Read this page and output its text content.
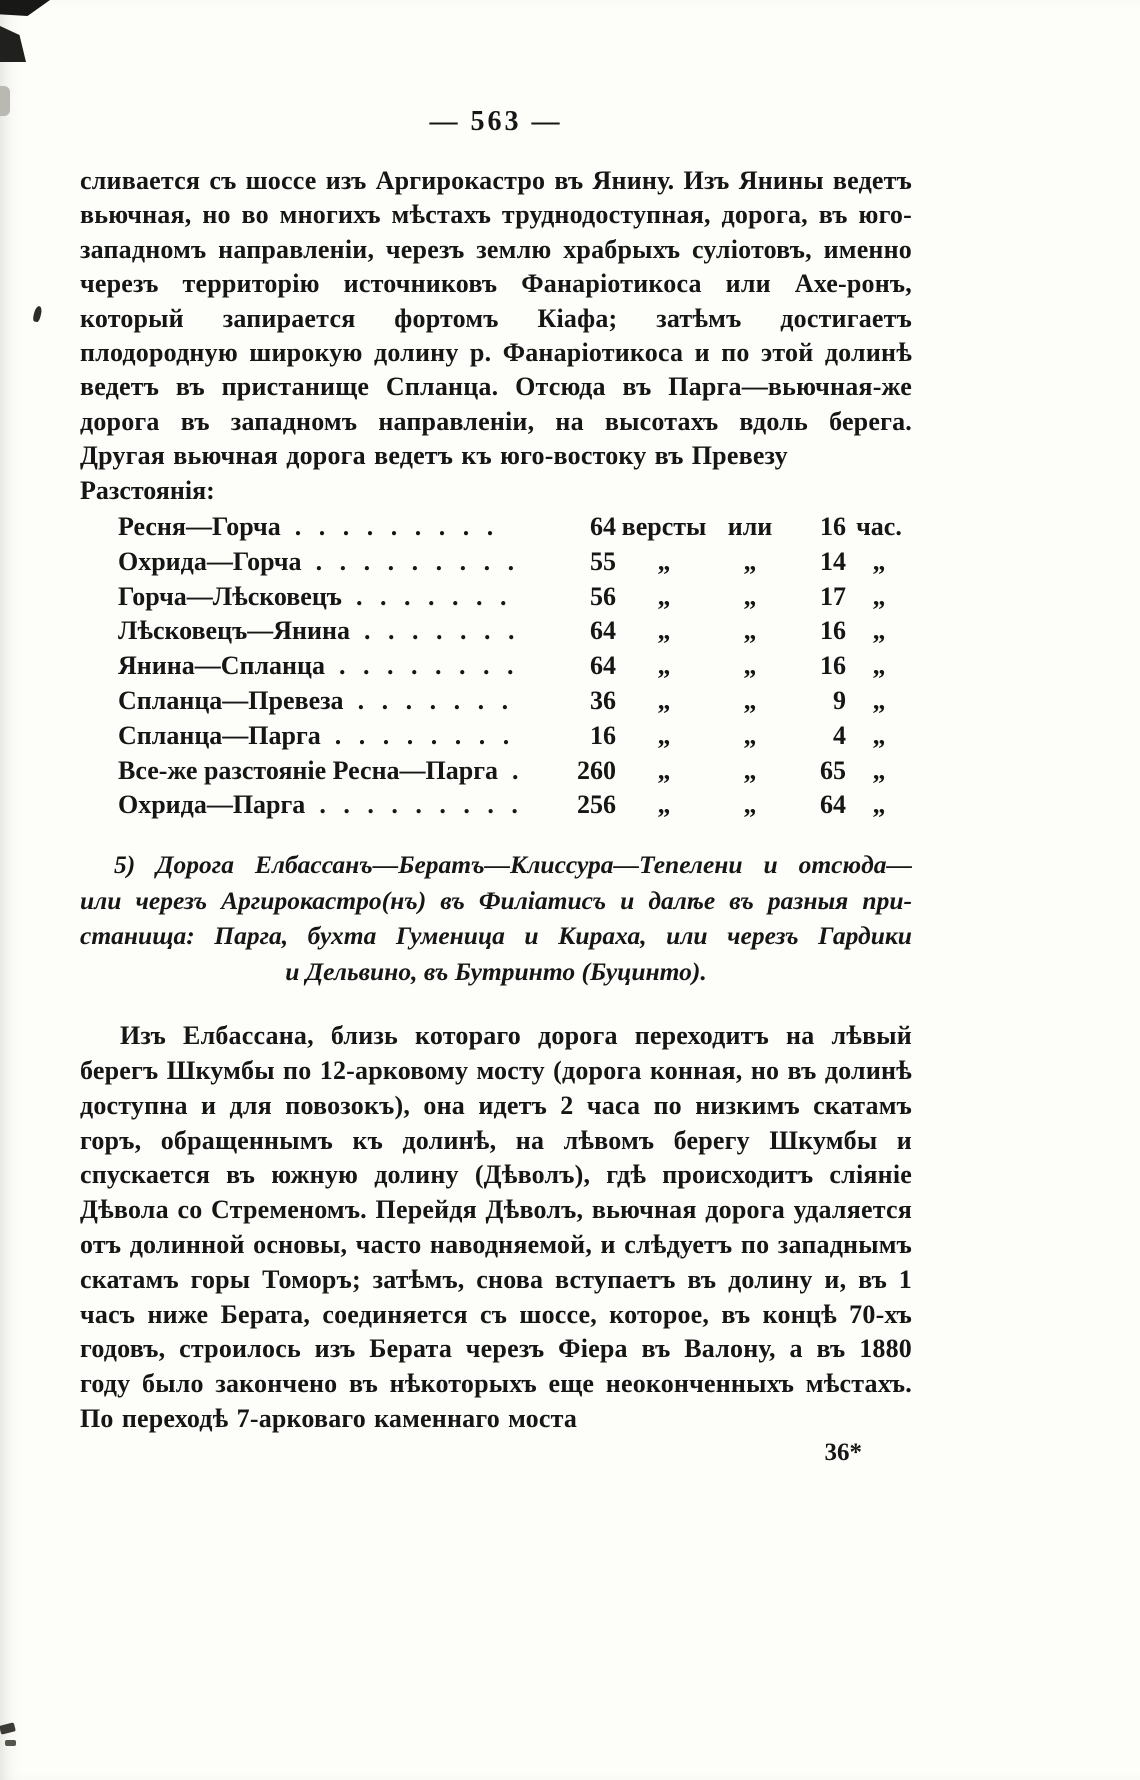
— 563 —

сливается съ шоссе изъ Аргирокастро въ Янину. Изъ Янины ведетъ вьючная, но во многихъ мѣстахъ труднодоступная, дорога, въ юго-западномъ направленіи, черезъ землю храбрыхъ суліотовъ, именно черезъ территорію источниковъ Фанаріотикоса или Ахе-ронъ, который запирается фортомъ Кіафа; затѣмъ достигаетъ плодородную широкую долину р. Фанаріотикоса и по этой долинѣ ведетъ въ пристанище Спланца. Отсюда въ Парга—вьючная-же дорога въ западномъ направленіи, на высотахъ вдоль берега. Другая вьючная дорога ведетъ къ юго-востоку въ Превезу

Разстоянія:
Ресня—Горча . . . . . . . . .	64 версты или	16 час.
Охрида—Горча . . . . . . . . .	55	„	„	14	„
Горча—Лѣсковецъ . . . . . . .	56	„	„	17	„
Лѣсковецъ—Янина . . . . . . .	64	„	„	16	„
Янина—Спланца . . . . . . . .	64	„	„	16	„
Спланца—Превеза . . . . . . .	36	„	„	9	„
Спланца—Парга . . . . . . . .	16	„	„	4	„
Все-же разстояніе Ресна—Парга .	260	„	„	65	„
Охрида—Парга . . . . . . . . .	256	„	„	64	„
5) Дорога Елбассанъ—Бератъ—Клиссура—Тепелени и отсюда—
или черезъ Аргирокастро(нъ) въ Филіатисъ и далѣе въ разныя при-
станища: Парга, бухта Гуменица и Кираха, или черезъ Гардики
и Дельвино, въ Бутринто (Буцинто).

Изъ Елбассана, близь котораго дорога переходитъ на лѣвый берегъ Шкумбы по 12-арковому мосту (дорога конная, но въ долинѣ доступна и для повозокъ), она идетъ 2 часа по низкимъ скатамъ горъ, обращеннымъ къ долинѣ, на лѣвомъ берегу Шкумбы и спускается въ южную долину (Дѣволъ), гдѣ происходитъ сліяніе Дѣвола со Стременомъ. Перейдя Дѣволъ, вьючная дорога удаляется отъ долинной основы, часто наводняемой, и слѣдуетъ по западнымъ скатамъ горы Томоръ; затѣмъ, снова вступаетъ въ долину и, въ 1 часъ ниже Берата, соединяется съ шоссе, которое, въ концѣ 70-хъ годовъ, строилось изъ Берата черезъ Фіера въ Валону, а въ 1880 году было закончено въ нѣкоторыхъ еще неоконченныхъ мѣстахъ. По переходѣ 7-арковаго каменнаго моста

36*
